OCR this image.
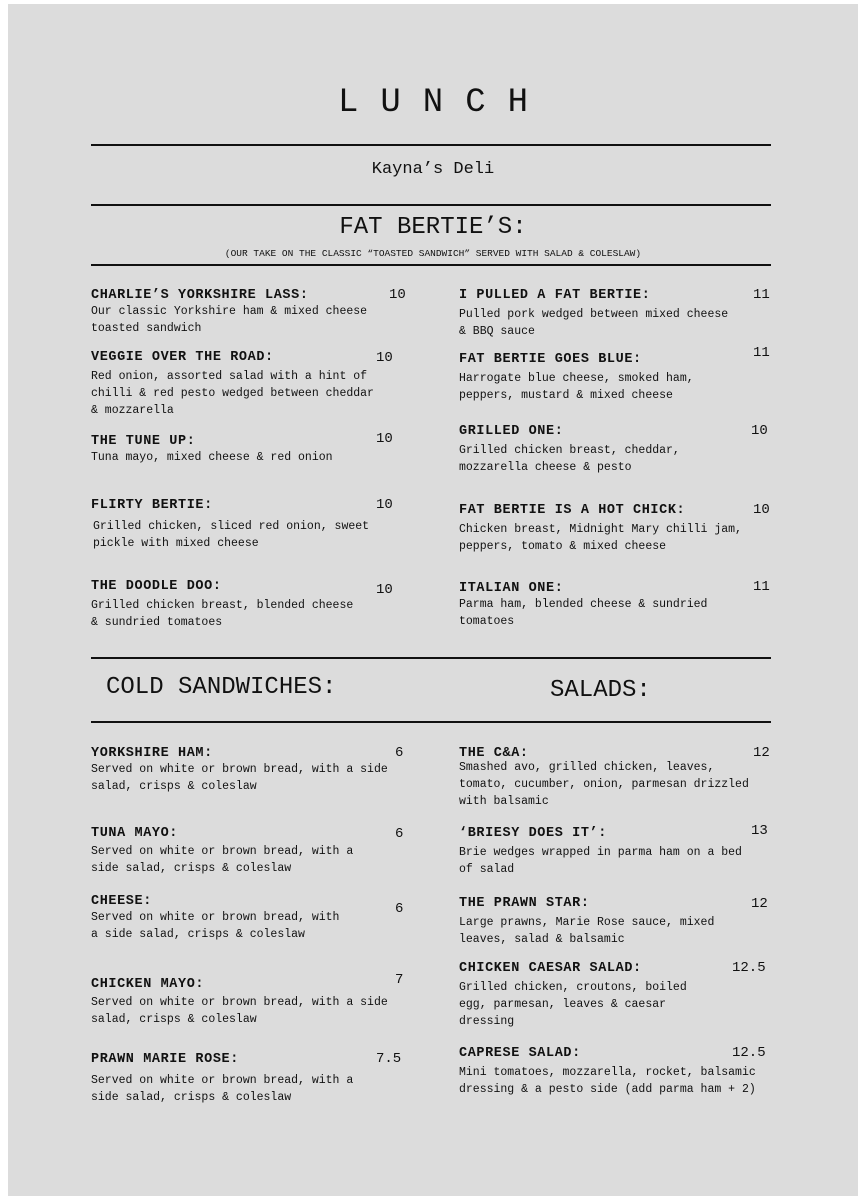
LUNCH
Kayna’s Deli
FAT BERTIE’S:
(OUR TAKE ON THE CLASSIC “TOASTED SANDWICH” SERVED WITH SALAD & COLESLAW)
CHARLIE’S YORKSHIRE LASS:
Our classic Yorkshire ham & mixed cheese toasted sandwich
10
VEGGIE OVER THE ROAD:
Red onion, assorted salad with a hint of chilli & red pesto wedged between cheddar & mozzarella
10
THE TUNE UP:
Tuna mayo, mixed cheese & red onion
10
FLIRTY BERTIE:
Grilled chicken, sliced red onion, sweet pickle with mixed cheese
10
THE DOODLE DOO:
Grilled chicken breast, blended cheese & sundried tomatoes
10
I PULLED A FAT BERTIE:
Pulled pork wedged between mixed cheese & BBQ sauce
11
FAT BERTIE GOES BLUE:
Harrogate blue cheese, smoked ham, peppers, mustard & mixed cheese
11
GRILLED ONE:
Grilled chicken breast, cheddar, mozzarella cheese & pesto
10
FAT BERTIE IS A HOT CHICK:
Chicken breast, Midnight Mary chilli jam, peppers, tomato & mixed cheese
10
ITALIAN ONE:
Parma ham, blended cheese & sundried tomatoes
11
COLD SANDWICHES:	SALADS:
YORKSHIRE HAM:
Served on white or brown bread, with a side salad, crisps & coleslaw
6
TUNA MAYO:
Served on white or brown bread, with a side salad, crisps & coleslaw
6
CHEESE:
Served on white or brown bread, with a side salad, crisps & coleslaw
6
CHICKEN MAYO:
Served on white or brown bread, with a side salad, crisps & coleslaw
7
PRAWN MARIE ROSE:
Served on white or brown bread, with a side salad, crisps & coleslaw
7.5
THE C&A:
Smashed avo, grilled chicken, leaves, tomato, cucumber, onion, parmesan drizzled with balsamic
12
‘BRIESY DOES IT’:
Brie wedges wrapped in parma ham on a bed of salad
13
THE PRAWN STAR:
Large prawns, Marie Rose sauce, mixed leaves, salad & balsamic
12
CHICKEN CAESAR SALAD:
Grilled chicken, croutons, boiled egg, parmesan, leaves & caesar dressing
12.5
CAPRESE SALAD:
Mini tomatoes, mozzarella, rocket, balsamic dressing & a pesto side (add parma ham + 2)
12.5
